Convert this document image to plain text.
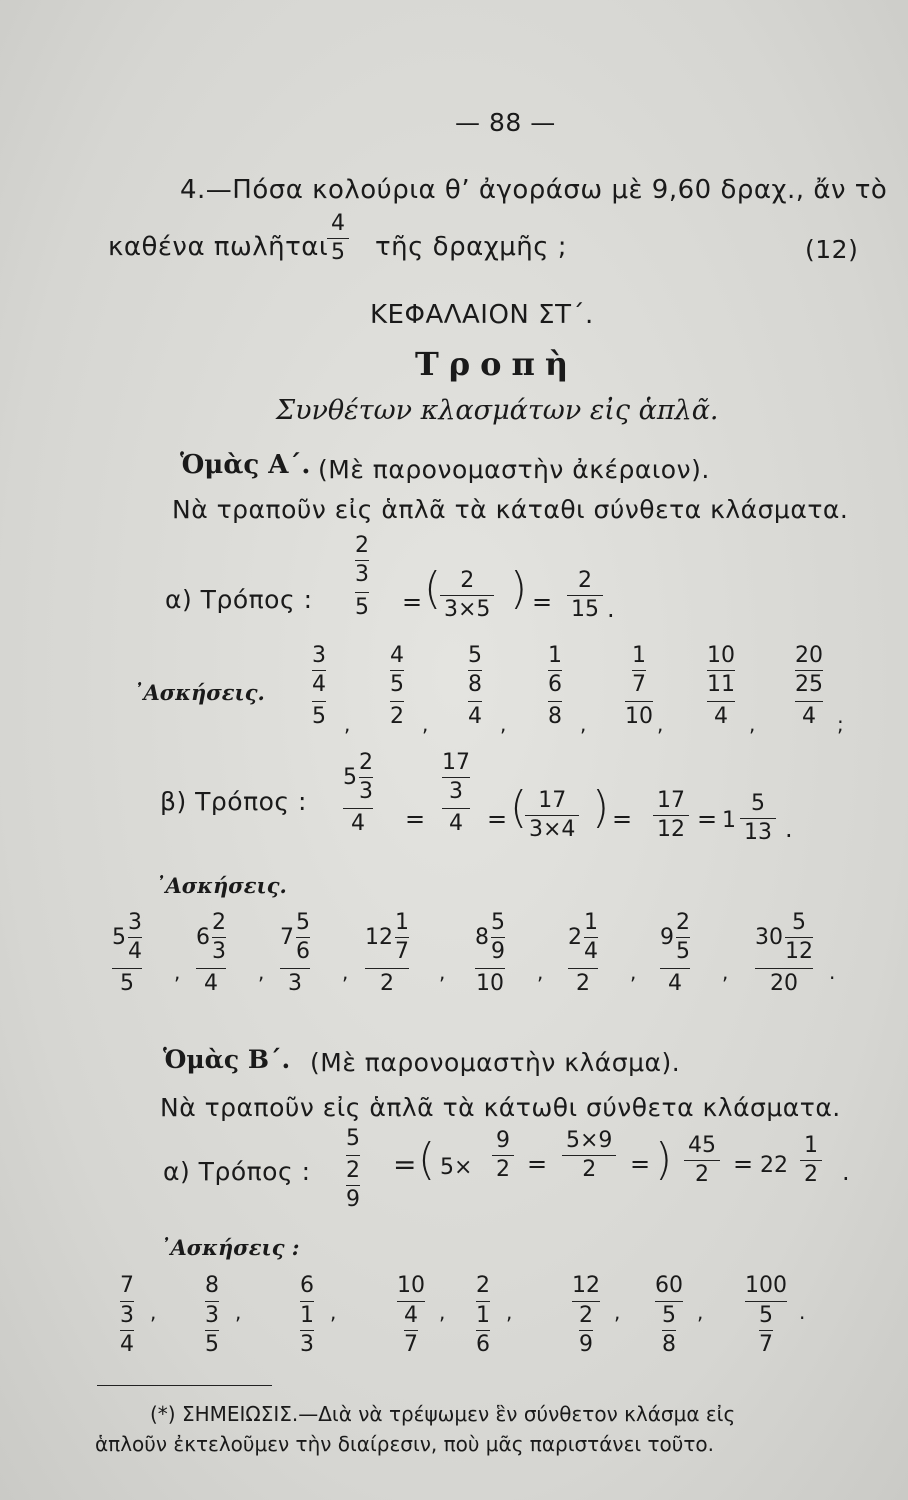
— 88 —
4.—Πόσα κολούρια θ’ ἀγοράσω μὲ 9,60 δραχ., ἄν τὸ
καθένα πωλῆται
4
5 τῆς δραχμῆς ;	(12)
ΚΕΦΑΛΑΙΟΝ ΣΤ΄.
Τροπὴ
Συνθέτων κλασμάτων εἰς ἁπλᾶ.
Ὁμὰς Α΄. (Μὲ παρονομαστὴν ἀκέραιον).
Νὰ τραποῦν εἰς ἁπλᾶ τὰ κάταθι σύνθετα κλάσματα.
α) Τρόπος :
2
3
5 = ( 2
3×5 ) =
2
15 .
᾿Ασκήσεις.
3
4
5 ,
4
5
2 ,
5
8
4 ,
1
6
8 ,
1
7
10 ,
10
11
4 ,
20
25
4 ;
β) Τρόπος :
5
2
3
4 =
17
3
4 = ( 17
3×4 ) =
17
12 = 1
5
13 .
᾿Ασκήσεις.
5
3
4
5 ,
6
2
3
4 ,
7
5
6
3 ,
12
1
7
2 ,
8
5
9
10 ,
2
1
4
2 ,
9
2
5
4 ,
30
5
12
20 .
Ὁμὰς Β΄. (Μὲ παρονομαστὴν κλάσμα).
Νὰ τραποῦν εἰς ἁπλᾶ τὰ κάτωθι σύνθετα κλάσματα.
α) Τρόπος :
5
2
9
= ( 5×
9
2 =
5×9
2 = ) 45
2 = 22
1
2 .
᾿Ασκήσεις :
7
3
4
,
8
3
5
,
6
1
3
,
10
4
7
,
2
1
6
,
12
2
9
,
60
5
8
,
100
5
7
.
(*) ΣΗΜΕΙΩΣΙΣ.—Διὰ νὰ τρέψωμεν ἓν σύνθετον κλάσμα εἰς
ἁπλοῦν ἐκτελοῦμεν τὴν διαίρεσιν, ποὺ μᾶς παριστάνει τοῦτο.
